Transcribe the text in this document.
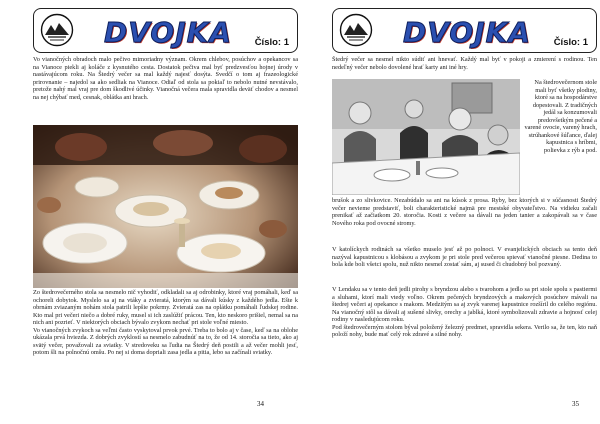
DVOJKA Číslo: 1
Vo vianočných obradoch malo pečivo mimoriadny význam. Okrem chlebov, posúchov a opekancov sa na Vianoce piekli aj koláče z kysnutého cesta. Dostatok pečiva mal byť predzvesťou hojnej úrody v nastávajúcom roku. Na Štedrý večer sa mal každý najesť dosýta. Svedčí o tom aj frazeologické prirovnanie – najedol sa ako sedliak na Vianoce. Odiaľ od stola sa pokiaľ to nebolo nutné nevstávalo, pretože nahý mal vraj pre dom škodlivé účinky. Vianočná večera mala spravidla deväť chodov a nesmel na nej chýbať med, cesnak, oblátka ani hrach.
Zo štedrovečerného stola sa nesmelo nič vyhodiť, odkladali sa aj odrobinky, ktoré vraj pomáhali, keď sa ochoreli dobytok. Myslelo sa aj na vtáky a zvieratá, ktorým sa dávali kúsky z každého jedla. Ešte k obrnám zviazaným nohám stola patrili lepšie pokrmy. Zvieratá zas na oplátku pomáhali ľudskej rodine. Kto mal pri večeri niečo a dobré ruky, musel si ich zaslúžiť prácou. Ten, kto neskoro prišiel, nemal sa na nich ani pozrieť. V niektorých obciach bývalo zvykom nechať pri stole voľné miesto.
Vo vianočných zvykoch sa veľmi často vyskytoval prvok prvé. Treba to bolo aj v čase, keď sa na oblohe ukázala prvá hviezda. Z dobrých zvyklostí sa nesmelo zabudnúť na to, že od 14. storočia sa tieto, ako aj svätý večer, považovali za sviatky. V stredoveku sa ľudia na Štedrý deň postili a až večer mohli jesť, potom šli na polnočnú omšu. Po nej si doma dopriali zasa jedla a pitia, lebo sa začínali sviatky.
34
DVOJKA Číslo: 1
Štedrý večer sa nesmel nikto súdiť ani hnevať. Každý mal byť v pokoji a zmierení s rodinou. Ten nedeľný večer nebolo dovolené hrať karty ani iné hry.
Na štedrovečernom stole mali byť všetky plodiny, ktoré sa na hospodárstve dopestovali. Z tradičných jedál sa konzumovali predovšetkým pečené a varené ovocie, varený hrach, strúhankové šúľance, ďalej kapustnica s hríbmi, polievka z rýb a pod.
brušok a zo slivkovice. Nezabúdalo sa ani na kúsok z prosa. Ryby, bez ktorých si v súčasnosti Štedrý večer nevieme predstaviť, boli charakteristické najmä pre mestské obyvateľstvo. Na vidieku začali prenikať až začiatkom 20. storočia. Kosti z večere sa dávali na jeden tanier a zakopávali sa v čase Nového roka pod ovocné stromy.
V katolíckych rodinách sa všetko muselo jesť až po polnoci. V evanjelických obciach sa tento deň nazýval kapustnicou s klobásou a zvykom je pri stole pred večerou spievať vianočné piesne. Dedina to bola kde boli všetci spolu, nuž nikto nesmel zostať sám, aj sused či chudobný bol pozvaný.
V Lendaku sa v tento deň jedli pirohy s bryndzou alebo s tvarohom a jedlo sa pri stole spolu s pastiermi a sluhami, ktorí mali vtedy voľno. Okrem pečených bryndzových a makových posúchov mávali na štedrej večeri aj opekance s makom. Medzitým sa aj zvyk varenej kapustnice rozšíril do celého regiónu. Na vianočný stôl sa dávali aj sušené slivky, orechy a jablká, ktoré symbolizovali zdravie a hojnosť celej rodiny v nasledujúcom roku.
Pod štedrovečerným stolom býval položený železný predmet, spravidla sekera. Verilo sa, že ten, kto naň položí nohy, bude mať celý rok zdravé a silné nohy.
35
